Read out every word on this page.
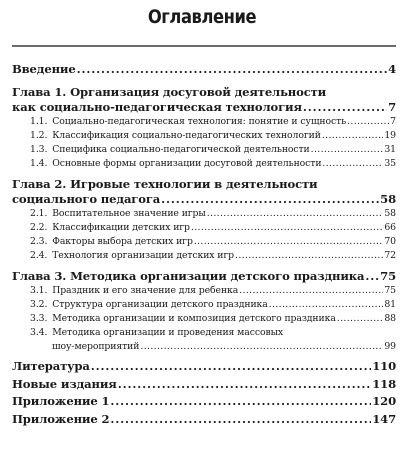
Оглавление
Введение . . .	4
Глава 1. Организация досуговой деятельности
как социально-педагогическая технология . . .	7
1.1. Социально-педагогическая технология: понятие и сущность . . .	7
1.2. Классификация социально-педагогических технологий . . .	19
1.3. Специфика социально-педагогической деятельности . . .	31
1.4. Основные формы организации досуговой деятельности . . .	35
Глава 2. Игровые технологии в деятельности
социального педагога . . .	58
2.1. Воспитательное значение игры . . .	58
2.2. Классификации детских игр . . .	66
2.3. Факторы выбора детских игр . . .	70
2.4. Технология организации детских игр . . .	72
Глава 3. Методика организации детского праздника . . . 75
3.1. Праздник и его значение для ребенка . . .	75
3.2. Структура организации детского праздника . . .	81
3.3. Методика организации и композиция детского праздника . . .	88
3.4. Методика организации и проведения массовых
шоу-мероприятий . . .	99
Литература . . .	110
Новые издания . . .	118
Приложение 1 . . .	120
Приложение 2 . . .	147
